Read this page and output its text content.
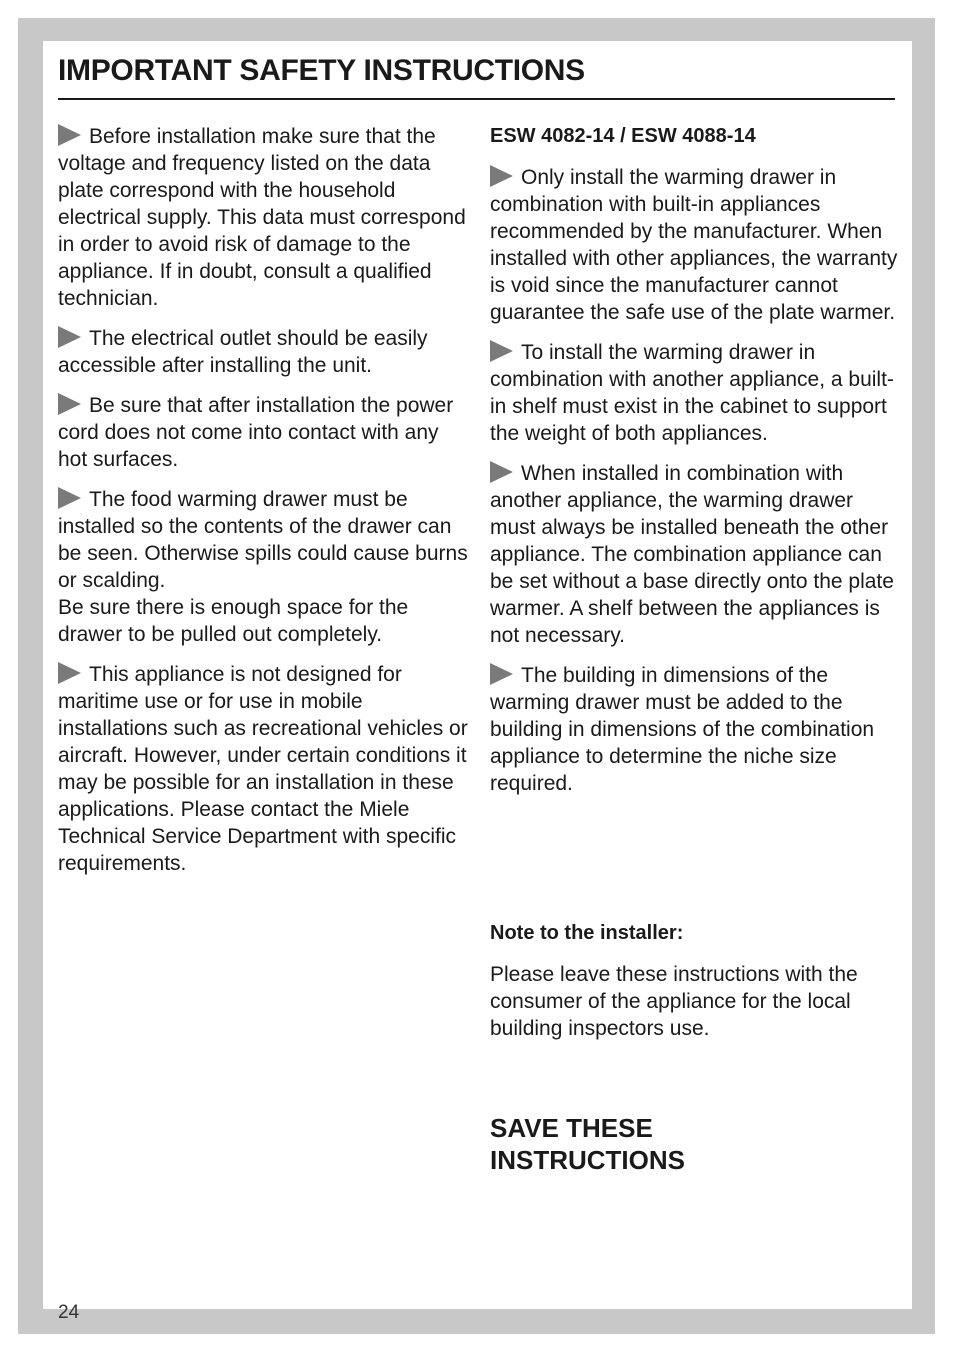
IMPORTANT SAFETY INSTRUCTIONS

Before installation make sure that the voltage and frequency listed on the data plate correspond with the household electrical supply. This data must correspond in order to avoid risk of damage to the appliance. If in doubt, consult a qualified technician.

The electrical outlet should be easily accessible after installing the unit.

Be sure that after installation the power cord does not come into contact with any hot surfaces.

The food warming drawer must be installed so the contents of the drawer can be seen. Otherwise spills could cause burns or scalding.
Be sure there is enough space for the drawer to be pulled out completely.

This appliance is not designed for maritime use or for use in mobile installations such as recreational vehicles or aircraft. However, under certain conditions it may be possible for an installation in these applications. Please contact the Miele Technical Service Department with specific requirements.

ESW 4082-14 / ESW 4088-14

Only install the warming drawer in combination with built-in appliances recommended by the manufacturer. When installed with other appliances, the warranty is void since the manufacturer cannot guarantee the safe use of the plate warmer.

To install the warming drawer in combination with another appliance, a built-in shelf must exist in the cabinet to support the weight of both appliances.

When installed in combination with another appliance, the warming drawer must always be installed beneath the other appliance. The combination appliance can be set without a base directly onto the plate warmer. A shelf between the appliances is not necessary.

The building in dimensions of the warming drawer must be added to the building in dimensions of the combination appliance to determine the niche size required.

Note to the installer:

Please leave these instructions with the consumer of the appliance for the local building inspectors use.

SAVE THESE
INSTRUCTIONS
24
